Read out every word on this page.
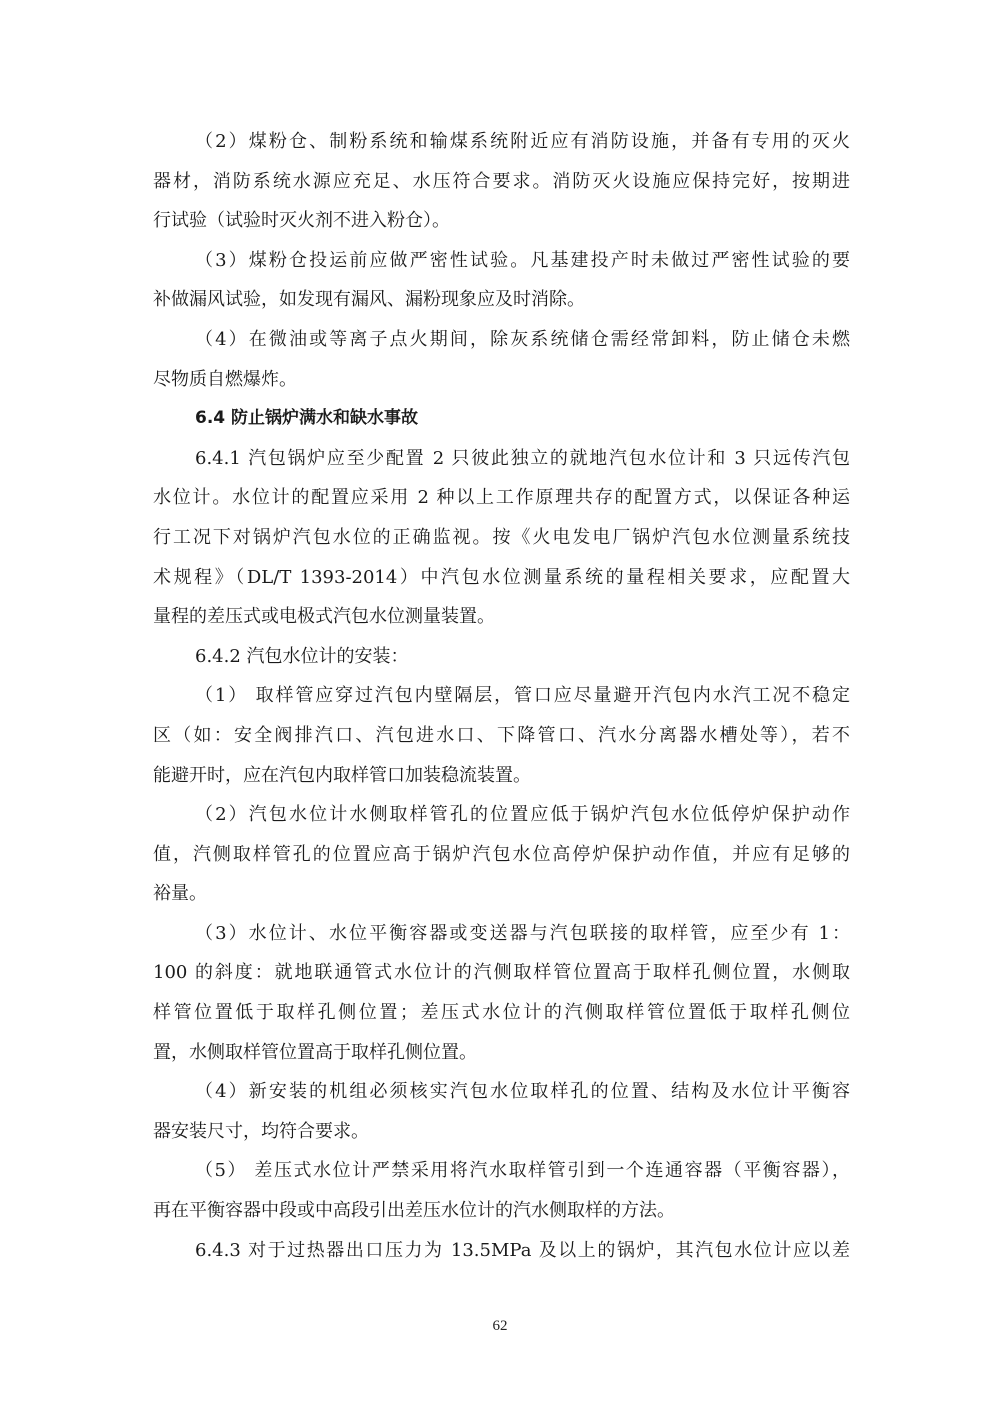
（2）煤粉仓、制粉系统和输煤系统附近应有消防设施，并备有专用的灭火
器材，消防系统水源应充足、水压符合要求。消防灭火设施应保持完好，按期进
行试验（试验时灭火剂不进入粉仓）。
（3）煤粉仓投运前应做严密性试验。凡基建投产时未做过严密性试验的要
补做漏风试验，如发现有漏风、漏粉现象应及时消除。
（4）在微油或等离子点火期间，除灰系统储仓需经常卸料，防止储仓未燃
尽物质自燃爆炸。
6.4 防止锅炉满水和缺水事故
6.4.1 汽包锅炉应至少配置 2 只彼此独立的就地汽包水位计和 3 只远传汽包
水位计。水位计的配置应采用 2 种以上工作原理共存的配置方式，以保证各种运
行工况下对锅炉汽包水位的正确监视。按《火电发电厂锅炉汽包水位测量系统技
术规程》（DL/T 1393-2014）中汽包水位测量系统的量程相关要求，应配置大
量程的差压式或电极式汽包水位测量装置。
6.4.2 汽包水位计的安装：
（1） 取样管应穿过汽包内壁隔层，管口应尽量避开汽包内水汽工况不稳定
区（如：安全阀排汽口、汽包进水口、下降管口、汽水分离器水槽处等），若不
能避开时，应在汽包内取样管口加装稳流装置。
（2）汽包水位计水侧取样管孔的位置应低于锅炉汽包水位低停炉保护动作
值，汽侧取样管孔的位置应高于锅炉汽包水位高停炉保护动作值，并应有足够的
裕量。
（3）水位计、水位平衡容器或变送器与汽包联接的取样管，应至少有 1：
100 的斜度：就地联通管式水位计的汽侧取样管位置高于取样孔侧位置，水侧取
样管位置低于取样孔侧位置；差压式水位计的汽侧取样管位置低于取样孔侧位
置，水侧取样管位置高于取样孔侧位置。
（4）新安装的机组必须核实汽包水位取样孔的位置、结构及水位计平衡容
器安装尺寸，均符合要求。
（5） 差压式水位计严禁采用将汽水取样管引到一个连通容器（平衡容器），
再在平衡容器中段或中高段引出差压水位计的汽水侧取样的方法。
6.4.3 对于过热器出口压力为 13.5MPa 及以上的锅炉，其汽包水位计应以差
62
